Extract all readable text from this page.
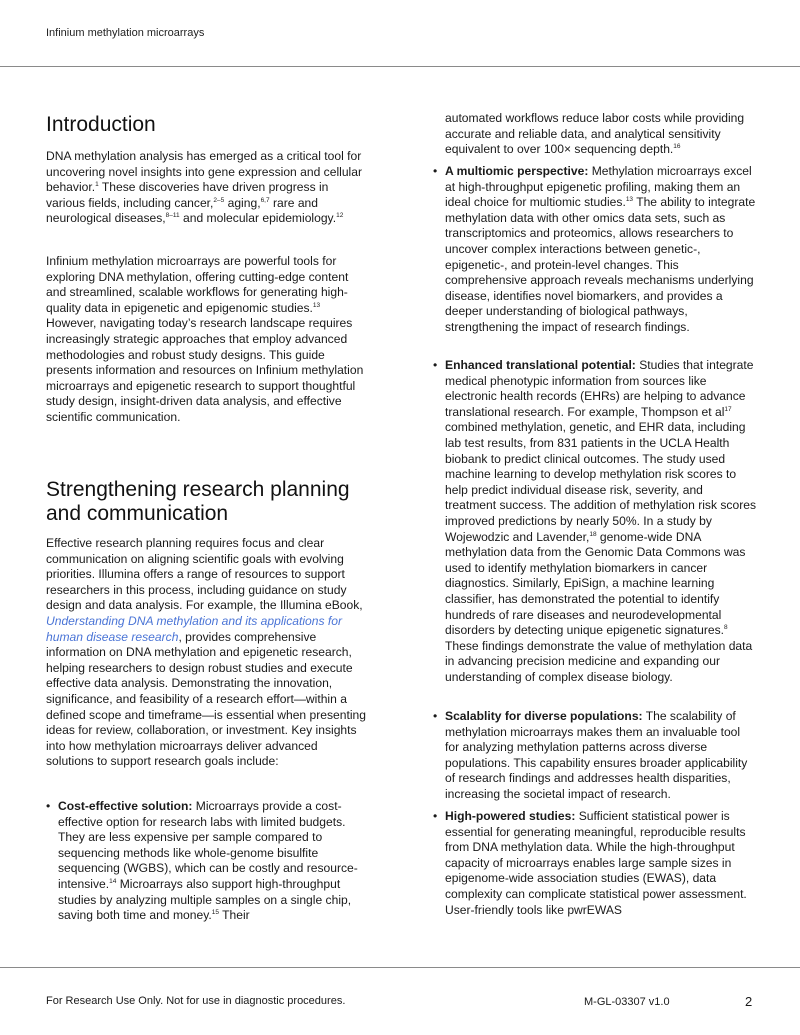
Infinium methylation microarrays
Introduction

DNA methylation analysis has emerged as a critical tool for uncovering novel insights into gene expression and cellular behavior.$^1$ These discoveries have driven progress in various fields, including cancer,$^{2-5}$ aging,$^{6,7}$ rare and neurological diseases,$^{8-11}$ and molecular epidemiology.$^{12}$

Infinium methylation microarrays are powerful tools for exploring DNA methylation, offering cutting-edge content and streamlined, scalable workflows for generating high-quality data in epigenetic and epigenomic studies.$^{13}$ However, navigating today’s research landscape requires increasingly strategic approaches that employ advanced methodologies and robust study designs. This guide presents information and resources on Infinium methylation microarrays and epigenetic research to support thoughtful study design, insight-driven data analysis, and effective scientific communication.

Strengthening research planning and communication

Effective research planning requires focus and clear communication on aligning scientific goals with evolving priorities. Illumina offers a range of resources to support researchers in this process, including guidance on study design and data analysis. For example, the Illumina eBook, Understanding DNA methylation and its applications for human disease research, provides comprehensive information on DNA methylation and epigenetic research, helping researchers to design robust studies and execute effective data analysis. Demonstrating the innovation, significance, and feasibility of a research effort—within a defined scope and timeframe—is essential when presenting ideas for review, collaboration, or investment. Key insights into how methylation microarrays deliver advanced solutions to support research goals include:

• Cost-effective solution: Microarrays provide a cost-effective option for research labs with limited budgets. They are less expensive per sample compared to sequencing methods like whole-genome bisulfite sequencing (WGBS), which can be costly and resource-intensive.$^{14}$ Microarrays also support high-throughput studies by analyzing multiple samples on a single chip, saving both time and money.$^{15}$ Their

automated workflows reduce labor costs while providing accurate and reliable data, and analytical sensitivity equivalent to over 100× sequencing depth.$^{16}$

• A multiomic perspective: Methylation microarrays excel at high-throughput epigenetic profiling, making them an ideal choice for multiomic studies.$^{13}$ The ability to integrate methylation data with other omics data sets, such as transcriptomics and proteomics, allows researchers to uncover complex interactions between genetic-, epigenetic-, and protein-level changes. This comprehensive approach reveals mechanisms underlying disease, identifies novel biomarkers, and provides a deeper understanding of biological pathways, strengthening the impact of research findings.
• Enhanced translational potential: Studies that integrate medical phenotypic information from sources like electronic health records (EHRs) are helping to advance translational research. For example, Thompson et $al^{17}$ combined methylation, genetic, and EHR data, including lab test results, from 831 patients in the UCLA Health biobank to predict clinical outcomes. The study used machine learning to develop methylation risk scores to help predict individual disease risk, severity, and treatment success. The addition of methylation risk scores improved predictions by nearly 50%. In a study by Wojewodzic and Lavender,$^{18}$ genome-wide DNA methylation data from the Genomic Data Commons was used to identify methylation biomarkers in cancer diagnostics. Similarly, EpiSign, a machine learning classifier, has demonstrated the potential to identify hundreds of rare diseases and neurodevelopmental disorders by detecting unique epigenetic signatures.$^8$ These findings demonstrate the value of methylation data in advancing precision medicine and expanding our understanding of complex disease biology.
• Scalablity for diverse populations: The scalability of methylation microarrays makes them an invaluable tool for analyzing methylation patterns across diverse populations. This capability ensures broader applicability of research findings and addresses health disparities, increasing the societal impact of research.
• High-powered studies: Sufficient statistical power is essential for generating meaningful, reproducible results from DNA methylation data. While the high-throughput capacity of microarrays enables large sample sizes in epigenome-wide association studies (EWAS), data complexity can complicate statistical power assessment. User-friendly tools like pwrEWAS
For Research Use Only. Not for use in diagnostic procedures.	M-GL-03307 v1.0	2
